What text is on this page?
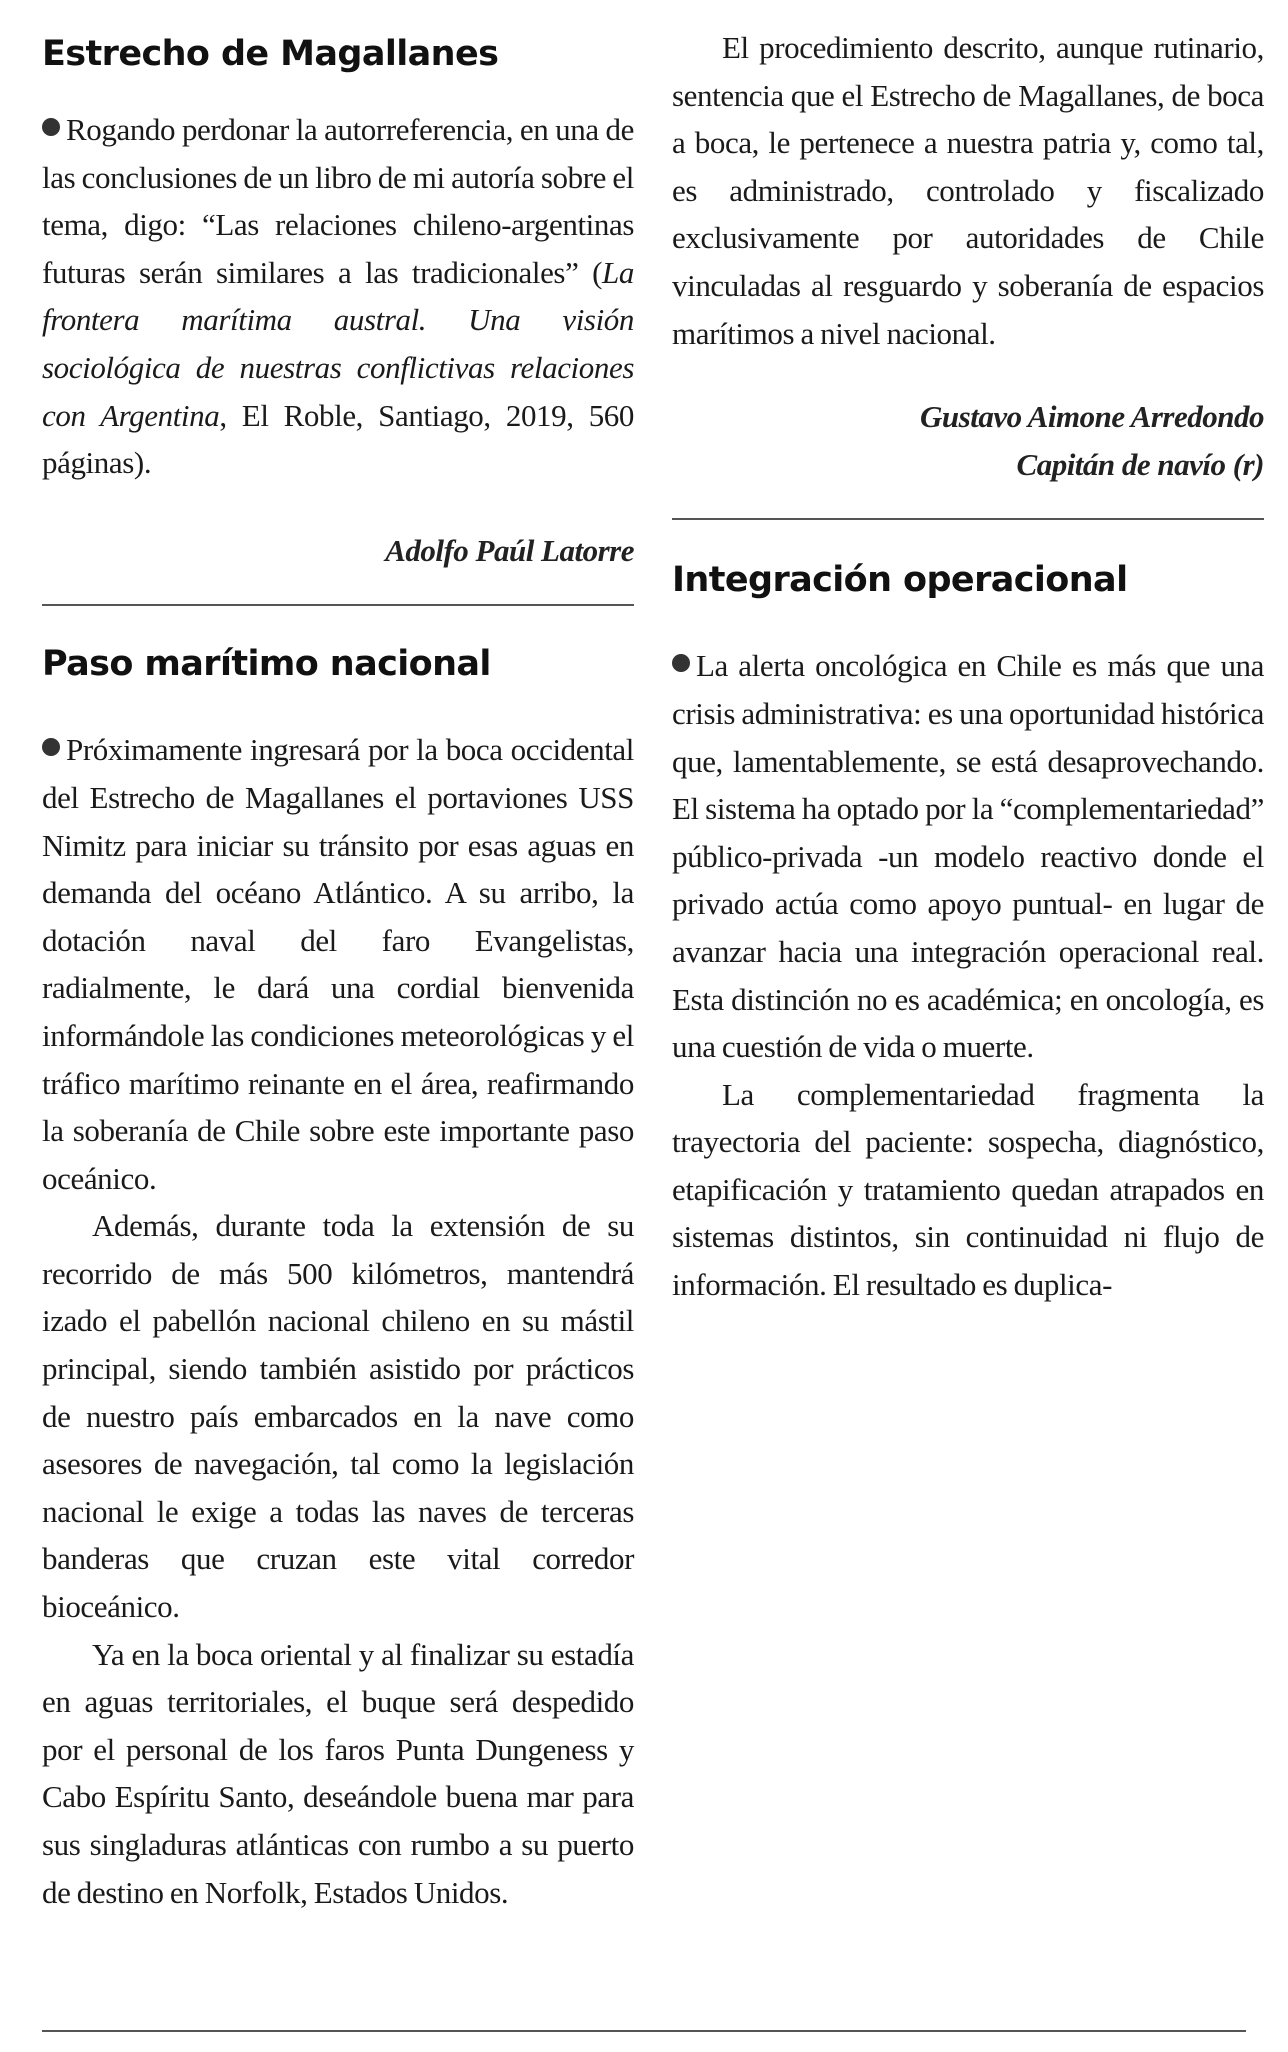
Estrecho de Magallanes

Rogando perdonar la autorreferencia, en una de las conclusiones de un libro de mi autoría sobre el tema, digo: “Las relaciones chileno-argentinas futuras serán similares a las tradicionales” (La frontera marítima austral. Una visión sociológica de nuestras conflictivas relaciones con Argentina, El Roble, Santiago, 2019, 560 páginas).

Adolfo Paúl Latorre

Paso marítimo nacional

Próximamente ingresará por la boca occidental del Estrecho de Magallanes el portaviones USS Nimitz para iniciar su tránsito por esas aguas en demanda del océano Atlántico. A su arribo, la dotación naval del faro Evangelistas, radialmente, le dará una cordial bienvenida informándole las condiciones meteorológicas y el tráfico marítimo reinante en el área, reafirmando la soberanía de Chile sobre este importante paso oceánico.

Además, durante toda la extensión de su recorrido de más 500 kilómetros, mantendrá izado el pabellón nacional chileno en su mástil principal, siendo también asistido por prácticos de nuestro país embarcados en la nave como asesores de navegación, tal como la legislación nacional le exige a todas las naves de terceras banderas que cruzan este vital corredor bioceánico.

Ya en la boca oriental y al finalizar su estadía en aguas territoriales, el buque será despedido por el personal de los faros Punta Dungeness y Cabo Espíritu Santo, deseándole buena mar para sus singladuras atlánticas con rumbo a su puerto de destino en Norfolk, Estados Unidos.

El procedimiento descrito, aunque rutinario, sentencia que el Estrecho de Magallanes, de boca a boca, le pertenece a nuestra patria y, como tal, es administrado, controlado y fiscalizado exclusivamente por autoridades de Chile vinculadas al resguardo y soberanía de espacios marítimos a nivel nacional.

Gustavo Aimone Arredondo

Capitán de navío (r)

Integración operacional

La alerta oncológica en Chile es más que una crisis administrativa: es una oportunidad histórica que, lamentablemente, se está desaprovechando. El sistema ha optado por la “complementariedad” público-privada -un modelo reactivo donde el privado actúa como apoyo puntual- en lugar de avanzar hacia una integración operacional real. Esta distinción no es académica; en oncología, es una cuestión de vida o muerte.

La complementariedad fragmenta la trayectoria del paciente: sospecha, diagnóstico, etapificación y tratamiento quedan atrapados en sistemas distintos, sin continuidad ni flujo de información. El resultado es duplica-
